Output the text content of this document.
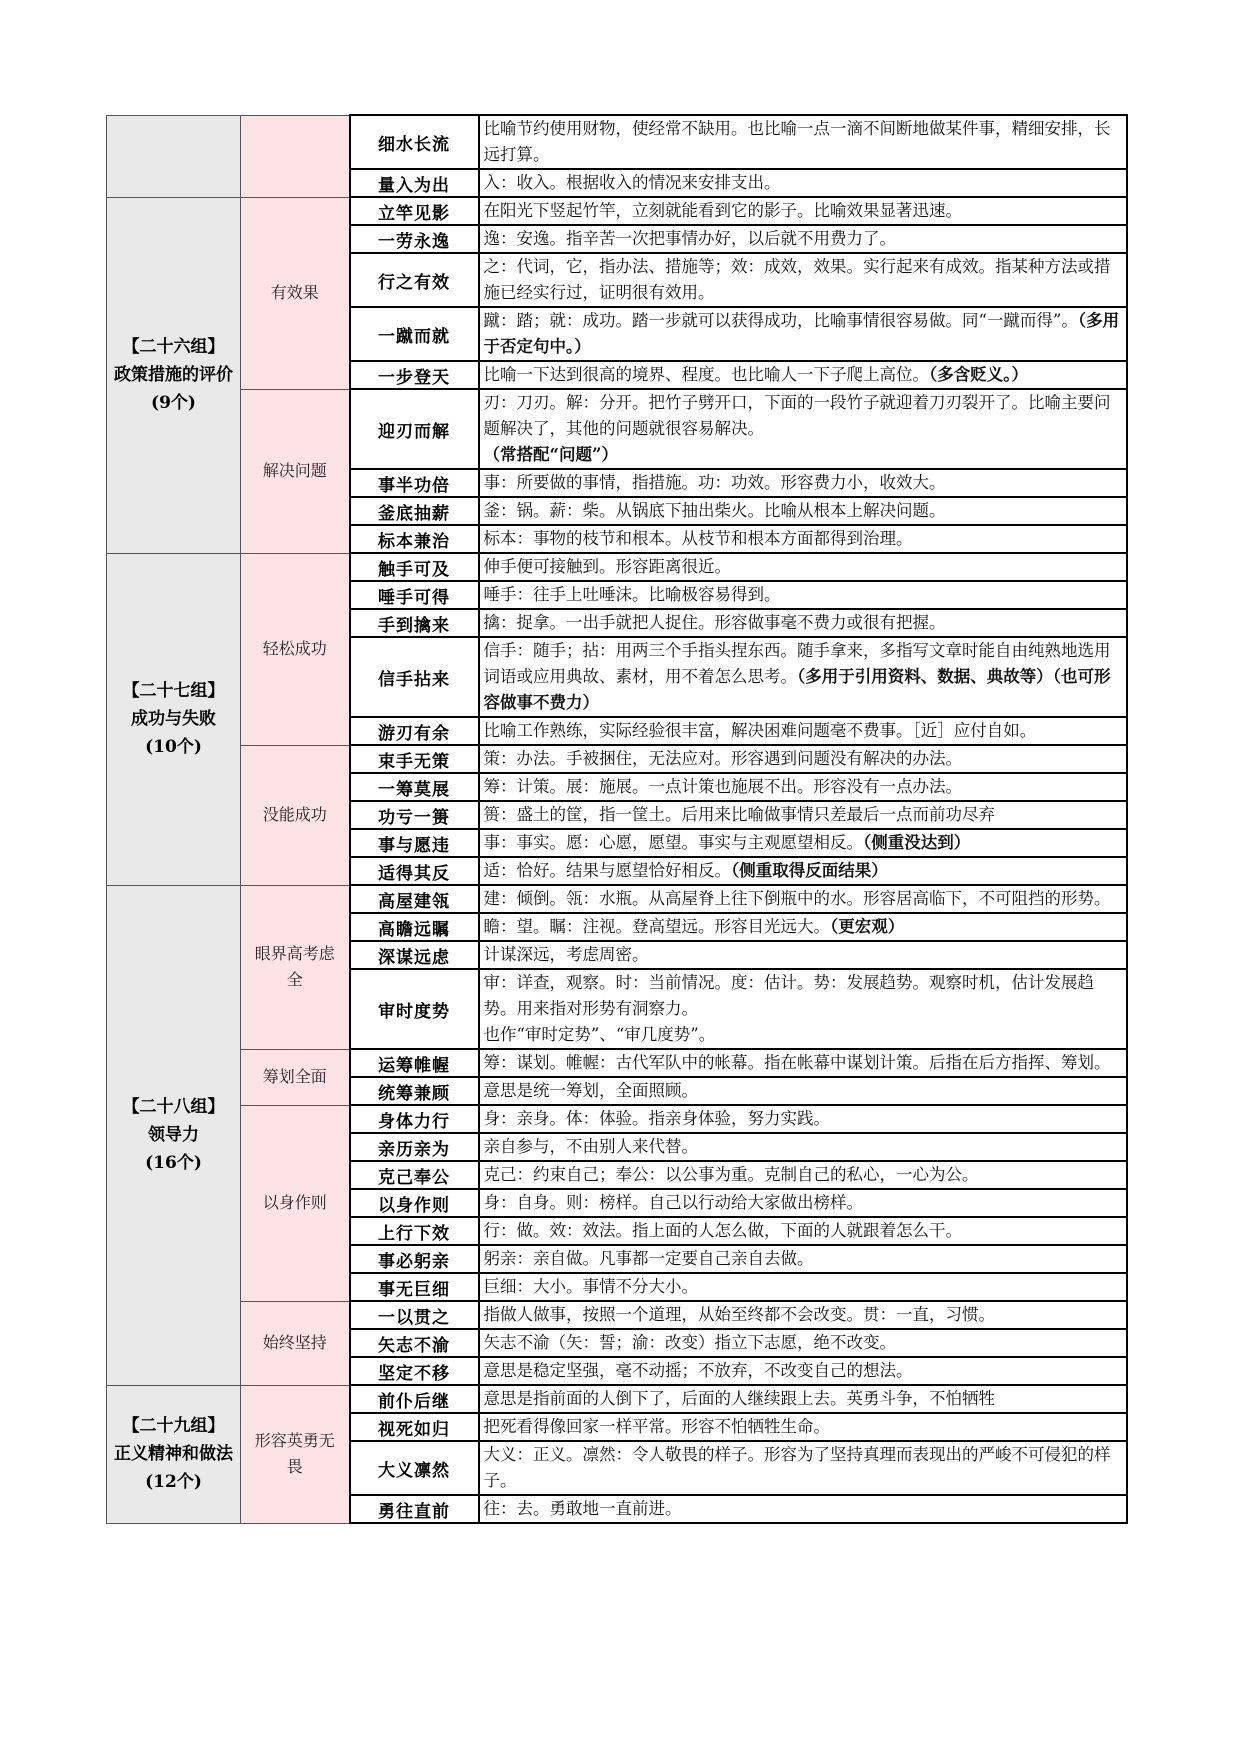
		细水长流	比喻节约使用财物，使经常不缺用。也比喻一点一滴不间断地做某件事，精细安排，长远打算。
		量入为出	入：收入。根据收入的情况来安排支出。

【二十六组】
政策措施的评价
(9个)	有效果	立竿见影	在阳光下竖起竹竿，立刻就能看到它的影子。比喻效果显著迅速。
		一劳永逸	逸：安逸。指辛苦一次把事情办好，以后就不用费力了。
		行之有效	之：代词，它，指办法、措施等；效：成效，效果。实行起来有成效。指某种方法或措施已经实行过，证明很有效用。
		一蹴而就	蹴：踏；就：成功。踏一步就可以获得成功，比喻事情很容易做。同“一蹴而得”。（多用于否定句中。）
		一步登天	比喻一下达到很高的境界、程度。也比喻人一下子爬上高位。（多含贬义。）
	解决问题	迎刃而解	刃：刀刃。解：分开。把竹子劈开口，下面的一段竹子就迎着刀刃裂开了。比喻主要问题解决了，其他的问题就很容易解决。
（常搭配“问题”）
		事半功倍	事：所要做的事情，指措施。功：功效。形容费力小，收效大。
		釜底抽薪	釜：锅。薪：柴。从锅底下抽出柴火。比喻从根本上解决问题。
		标本兼治	标本：事物的枝节和根本。从枝节和根本方面都得到治理。

【二十七组】
成功与失败
(10个)	轻松成功	触手可及	伸手便可接触到。形容距离很近。
		唾手可得	唾手：往手上吐唾沫。比喻极容易得到。
		手到擒来	擒：捉拿。一出手就把人捉住。形容做事毫不费力或很有把握。
		信手拈来	信手：随手；拈：用两三个手指头捏东西。随手拿来，多指写文章时能自由纯熟地选用词语或应用典故、素材，用不着怎么思考。（多用于引用资料、数据、典故等）（也可形容做事不费力）
		游刃有余	比喻工作熟练，实际经验很丰富，解决困难问题毫不费事。［近］应付自如。
	没能成功	束手无策	策：办法。手被捆住，无法应对。形容遇到问题没有解决的办法。
		一筹莫展	筹：计策。展：施展。一点计策也施展不出。形容没有一点办法。
		功亏一篑	篑：盛土的筐，指一筐土。后用来比喻做事情只差最后一点而前功尽弃
		事与愿违	事：事实。愿：心愿，愿望。事实与主观愿望相反。（侧重没达到）
		适得其反	适：恰好。结果与愿望恰好相反。（侧重取得反面结果）

【二十八组】
领导力
(16个)	眼界高考虑全	高屋建瓴	建：倾倒。瓴：水瓶。从高屋脊上往下倒瓶中的水。形容居高临下，不可阻挡的形势。
		高瞻远瞩	瞻：望。瞩：注视。登高望远。形容目光远大。（更宏观）
		深谋远虑	计谋深远，考虑周密。
		审时度势	审：详查，观察。时：当前情况。度：估计。势：发展趋势。观察时机，估计发展趋势。用来指对形势有洞察力。
也作“审时定势”、“审几度势”。
	筹划全面	运筹帷幄	筹：谋划。帷幄：古代军队中的帐幕。指在帐幕中谋划计策。后指在后方指挥、筹划。
		统筹兼顾	意思是统一筹划，全面照顾。
	以身作则	身体力行	身：亲身。体：体验。指亲身体验，努力实践。
		亲历亲为	亲自参与，不由别人来代替。
		克己奉公	克己：约束自己；奉公：以公事为重。克制自己的私心，一心为公。
		以身作则	身：自身。则：榜样。自己以行动给大家做出榜样。
		上行下效	行：做。效：效法。指上面的人怎么做，下面的人就跟着怎么干。
		事必躬亲	躬亲：亲自做。凡事都一定要自己亲自去做。
		事无巨细	巨细：大小。事情不分大小。
	始终坚持	一以贯之	指做人做事，按照一个道理，从始至终都不会改变。贯：一直，习惯。
		矢志不渝	矢志不渝（矢：誓；渝：改变）指立下志愿，绝不改变。
		坚定不移	意思是稳定坚强，毫不动摇；不放弃，不改变自己的想法。

【二十九组】
正义精神和做法
(12个)	形容英勇无畏	前仆后继	意思是指前面的人倒下了，后面的人继续跟上去。英勇斗争，不怕牺牲
		视死如归	把死看得像回家一样平常。形容不怕牺牲生命。
		大义凛然	大义：正义。凛然：令人敬畏的样子。形容为了坚持真理而表现出的严峻不可侵犯的样子。
		勇往直前	往：去。勇敢地一直前进。
